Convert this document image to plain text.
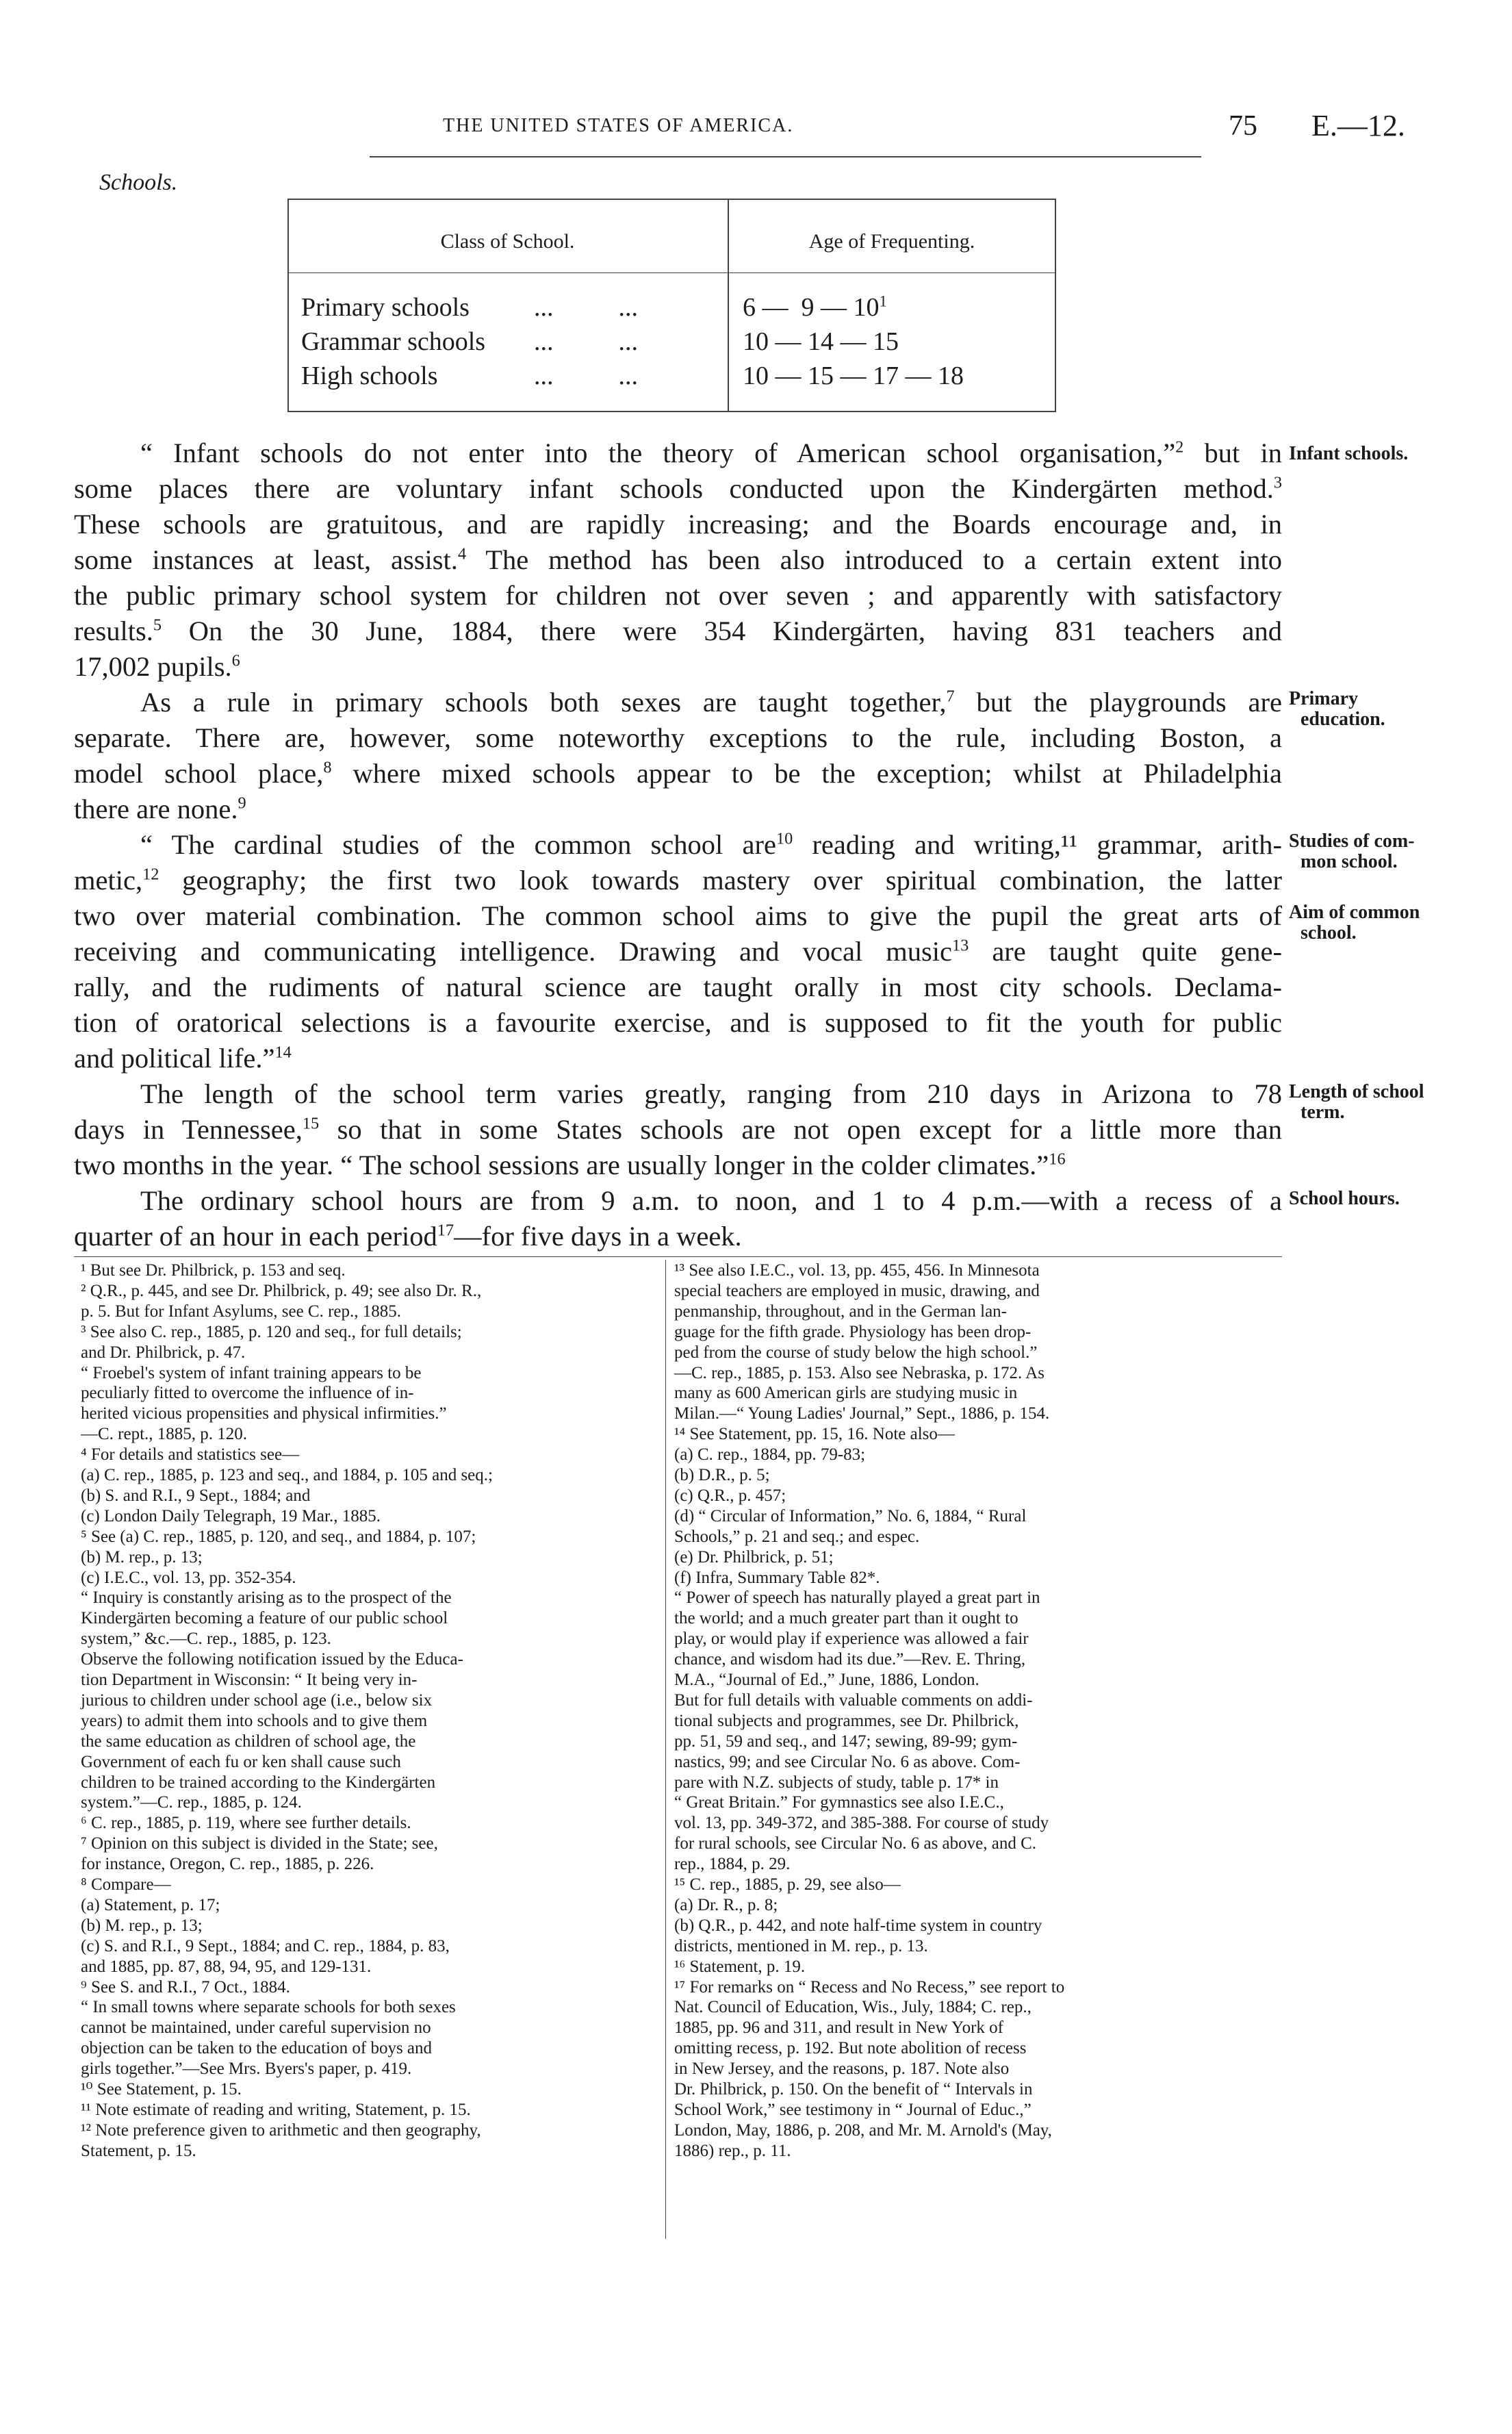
THE UNITED STATES OF AMERICA.	75 E.—12.
Schools.
Class of School.	Age of Frequenting.
Primary schools ...          ...	6 —  9 — $10^1$
Grammar schools ...          ...	10 — 14 — 15
High schools	...          ...	10 — 15 — 17 — 18
“ Infant schools do not enter into the theory of American school organisation,”$^2$ but in
some places there are voluntary infant schools conducted upon the Kindergärten method.$^3$
These schools are gratuitous, and are rapidly increasing; and the Boards encourage and, in
some instances at least, assist.$^4$ The method has been also introduced to a certain extent into
the public primary school system for children not over seven ; and apparently with satisfactory
results.$^5$ On the 30 June, 1884, there were 354 Kindergärten, having 831 teachers and
17,002 pupils.$^6$
As a rule in primary schools both sexes are taught together,$^7$ but the playgrounds are
separate. There are, however, some noteworthy exceptions to the rule, including Boston, a
model school place,$^8$ where mixed schools appear to be the exception; whilst at Philadelphia
there are none.$^9$
“ The cardinal studies of the common school are$^{10}$ reading and writing,¹¹ grammar, arith-
metic,$^{12}$ geography; the first two look towards mastery over spiritual combination, the latter
two over material combination. The common school aims to give the pupil the great arts of
receiving and communicating intelligence. Drawing and vocal music$^{13}$ are taught quite gene-
rally, and the rudiments of natural science are taught orally in most city schools. Declama-
tion of oratorical selections is a favourite exercise, and is supposed to fit the youth for public
and political life.”$^{14}$
The length of the school term varies greatly, ranging from 210 days in Arizona to 78
days in Tennessee,$^{15}$ so that in some States schools are not open except for a little more than
two months in the year. “ The school sessions are usually longer in the colder climates.”$^{16}$
The ordinary school hours are from 9 a.m. to noon, and 1 to 4 p.m.—with a recess of a
quarter of an hour in each period$^{17}$—for five days in a week.
Infant schools.
Primary
education.
Studies of com-
mon school.
Aim of common
school.
Length of school
term.
School hours.
¹ But see Dr. Philbrick, p. 153 and seq.
² Q.R., p. 445, and see Dr. Philbrick, p. 49; see also Dr. R.,
p. 5. But for Infant Asylums, see C. rep., 1885.
³ See also C. rep., 1885, p. 120 and seq., for full details;
and Dr. Philbrick, p. 47.
“ Froebel's system of infant training appears to be
peculiarly fitted to overcome the influence of in-
herited vicious propensities and physical infirmities.”
—C. rept., 1885, p. 120.
⁴ For details and statistics see—
(a) C. rep., 1885, p. 123 and seq., and 1884, p. 105 and seq.;
(b) S. and R.I., 9 Sept., 1884; and
(c) London Daily Telegraph, 19 Mar., 1885.
⁵ See (a) C. rep., 1885, p. 120, and seq., and 1884, p. 107;
(b) M. rep., p. 13;
(c) I.E.C., vol. 13, pp. 352-354.
“ Inquiry is constantly arising as to the prospect of the
Kindergärten becoming a feature of our public school
system,” &c.—C. rep., 1885, p. 123.
Observe the following notification issued by the Educa-
tion Department in Wisconsin: “ It being very in-
jurious to children under school age (i.e., below six
years) to admit them into schools and to give them
the same education as children of school age, the
Government of each fu or ken shall cause such
children to be trained according to the Kindergärten
system.”—C. rep., 1885, p. 124.
⁶ C. rep., 1885, p. 119, where see further details.
⁷ Opinion on this subject is divided in the State; see,
for instance, Oregon, C. rep., 1885, p. 226.
⁸ Compare—
(a) Statement, p. 17;
(b) M. rep., p. 13;
(c) S. and R.I., 9 Sept., 1884; and C. rep., 1884, p. 83,
and 1885, pp. 87, 88, 94, 95, and 129-131.
⁹ See S. and R.I., 7 Oct., 1884.
“ In small towns where separate schools for both sexes
cannot be maintained, under careful supervision no
objection can be taken to the education of boys and
girls together.”—See Mrs. Byers's paper, p. 419.
¹⁰ See Statement, p. 15.
¹¹ Note estimate of reading and writing, Statement, p. 15.
¹² Note preference given to arithmetic and then geography,
Statement, p. 15.
¹³ See also I.E.C., vol. 13, pp. 455, 456. In Minnesota
special teachers are employed in music, drawing, and
penmanship, throughout, and in the German lan-
guage for the fifth grade. Physiology has been drop-
ped from the course of study below the high school.”
—C. rep., 1885, p. 153. Also see Nebraska, p. 172. As
many as 600 American girls are studying music in
Milan.—“ Young Ladies' Journal,” Sept., 1886, p. 154.
¹⁴ See Statement, pp. 15, 16. Note also—
(a) C. rep., 1884, pp. 79-83;
(b) D.R., p. 5;
(c) Q.R., p. 457;
(d) “ Circular of Information,” No. 6, 1884, “ Rural
Schools,” p. 21 and seq.; and espec.
(e) Dr. Philbrick, p. 51;
(f) Infra, Summary Table 82*.
“ Power of speech has naturally played a great part in
the world; and a much greater part than it ought to
play, or would play if experience was allowed a fair
chance, and wisdom had its due.”—Rev. E. Thring,
M.A., “Journal of Ed.,” June, 1886, London.
But for full details with valuable comments on addi-
tional subjects and programmes, see Dr. Philbrick,
pp. 51, 59 and seq., and 147; sewing, 89-99; gym-
nastics, 99; and see Circular No. 6 as above. Com-
pare with N.Z. subjects of study, table p. 17* in
“ Great Britain.” For gymnastics see also I.E.C.,
vol. 13, pp. 349-372, and 385-388. For course of study
for rural schools, see Circular No. 6 as above, and C.
rep., 1884, p. 29.
¹⁵ C. rep., 1885, p. 29, see also—
(a) Dr. R., p. 8;
(b) Q.R., p. 442, and note half-time system in country
districts, mentioned in M. rep., p. 13.
¹⁶ Statement, p. 19.
¹⁷ For remarks on “ Recess and No Recess,” see report to
Nat. Council of Education, Wis., July, 1884; C. rep.,
1885, pp. 96 and 311, and result in New York of
omitting recess, p. 192. But note abolition of recess
in New Jersey, and the reasons, p. 187. Note also
Dr. Philbrick, p. 150. On the benefit of “ Intervals in
School Work,” see testimony in “ Journal of Educ.,”
London, May, 1886, p. 208, and Mr. M. Arnold's (May,
1886) rep., p. 11.
